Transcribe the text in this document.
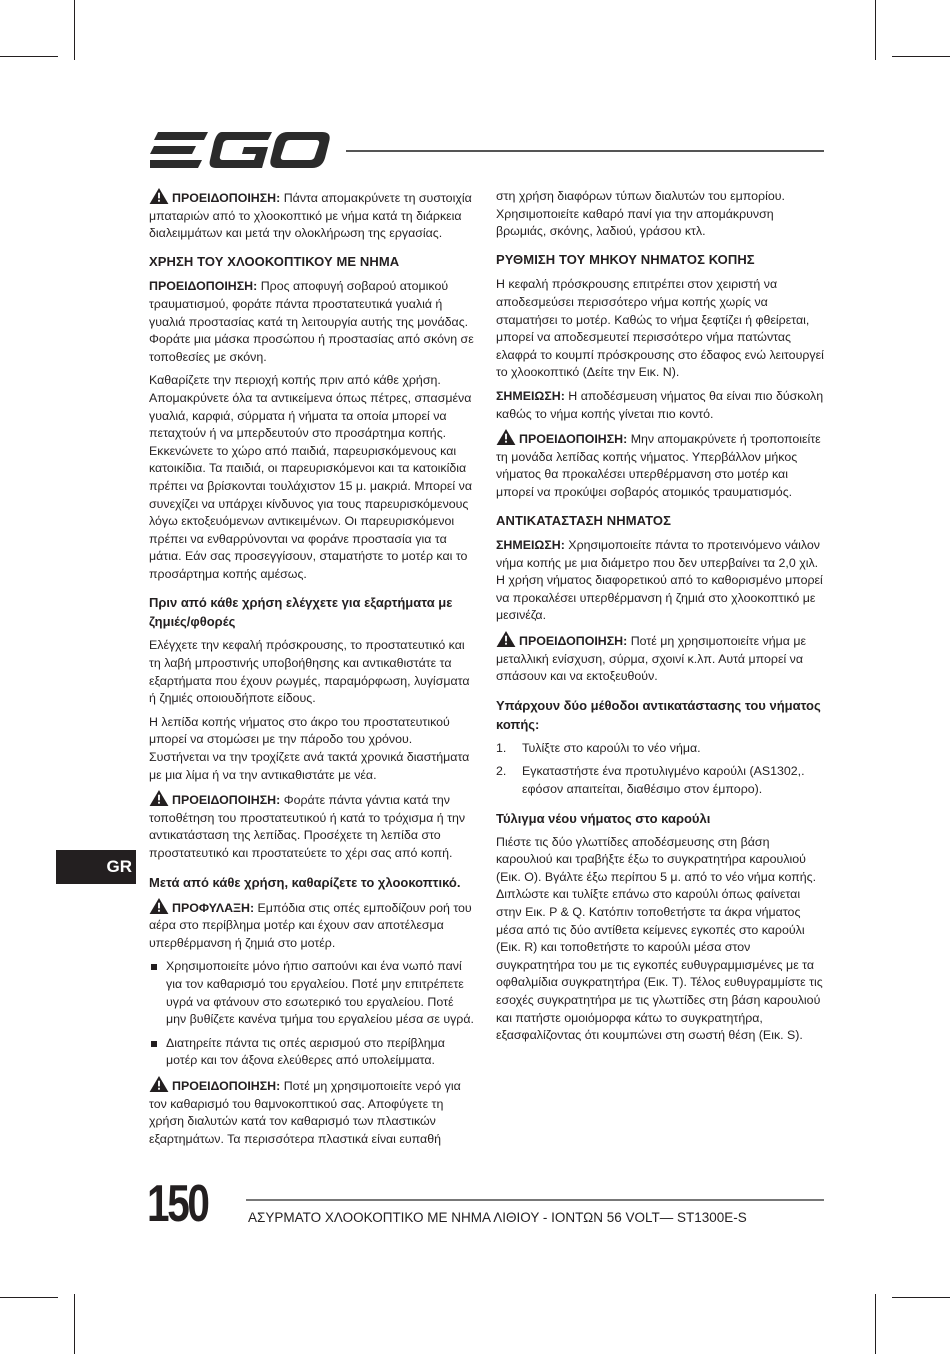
ΠΡΟΕΙΔΟΠΟΙΗΣΗ: Πάντα απομακρύνετε τη συστοιχία μπαταριών από το χλοοκοπτικό με νήμα κατά τη διάρκεια διαλειμμάτων και μετά την ολοκλήρωση της εργασίας.

ΧΡΗΣΗ ΤΟΥ ΧΛΟΟΚΟΠΤΙΚΟΥ ΜΕ ΝΗΜΑ

ΠΡΟΕΙΔΟΠΟΙΗΣΗ: Προς αποφυγή σοβαρού ατομικού τραυματισμού, φοράτε πάντα προστατευτικά γυαλιά ή γυαλιά προστασίας κατά τη λειτουργία αυτής της μονάδας. Φοράτε μια μάσκα προσώπου ή προστασίας από σκόνη σε τοποθεσίες με σκόνη.

Καθαρίζετε την περιοχή κοπής πριν από κάθε χρήση. Απομακρύνετε όλα τα αντικείμενα όπως πέτρες, σπασμένα γυαλιά, καρφιά, σύρματα ή νήματα τα οποία μπορεί να πεταχτούν ή να μπερδευτούν στο προσάρτημα κοπής. Εκκενώνετε το χώρο από παιδιά, παρευρισκόμενους και κατοικίδια. Τα παιδιά, οι παρευρισκόμενοι και τα κατοικίδια πρέπει να βρίσκονται τουλάχιστον 15 μ. μακριά. Μπορεί να συνεχίζει να υπάρχει κίνδυνος για τους παρευρισκόμενους λόγω εκτοξευόμενων αντικειμένων. Οι παρευρισκόμενοι πρέπει να ενθαρρύνονται να φοράνε προστασία για τα μάτια. Εάν σας προσεγγίσουν, σταματήστε το μοτέρ και το προσάρτημα κοπής αμέσως.

Πριν από κάθε χρήση ελέγχετε για εξαρτήματα με ζημιές/φθορές

Ελέγχετε την κεφαλή πρόσκρουσης, το προστατευτικό και τη λαβή μπροστινής υποβοήθησης και αντικαθιστάτε τα εξαρτήματα που έχουν ρωγμές, παραμόρφωση, λυγίσματα ή ζημιές οποιουδήποτε είδους.

Η λεπίδα κοπής νήματος στο άκρο του προστατευτικού μπορεί να στομώσει με την πάροδο του χρόνου. Συστήνεται να την τροχίζετε ανά τακτά χρονικά διαστήματα με μια λίμα ή να την αντικαθιστάτε με νέα.

ΠΡΟΕΙΔΟΠΟΙΗΣΗ: Φοράτε πάντα γάντια κατά την τοποθέτηση του προστατευτικού ή κατά το τρόχισμα ή την αντικατάσταση της λεπίδας. Προσέχετε τη λεπίδα στο προστατευτικό και προστατεύετε το χέρι σας από κοπή.

Μετά από κάθε χρήση, καθαρίζετε το χλοοκοπτικό.

ΠΡΟΦΥΛΑΞΗ: Εμπόδια στις οπές εμποδίζουν ροή του αέρα στο περίβλημα μοτέρ και έχουν σαν αποτέλεσμα υπερθέρμανση ή ζημιά στο μοτέρ.

Χρησιμοποιείτε μόνο ήπιο σαπούνι και ένα νωπό πανί για τον καθαρισμό του εργαλείου. Ποτέ μην επιτρέπετε υγρά να φτάνουν στο εσωτερικό του εργαλείου. Ποτέ μην βυθίζετε κανένα τμήμα του εργαλείου μέσα σε υγρά.
Διατηρείτε πάντα τις οπές αερισμού στο περίβλημα μοτέρ και τον άξονα ελεύθερες από υπολείμματα.

ΠΡΟΕΙΔΟΠΟΙΗΣΗ: Ποτέ μη χρησιμοποιείτε νερό για τον καθαρισμό του θαμνοκοπτικού σας. Αποφύγετε τη χρήση διαλυτών κατά τον καθαρισμό των πλαστικών εξαρτημάτων. Τα περισσότερα πλαστικά είναι ευπαθή

στη χρήση διαφόρων τύπων διαλυτών του εμπορίου. Χρησιμοποιείτε καθαρό πανί για την απομάκρυνση βρωμιάς, σκόνης, λαδιού, γράσου κτλ.

ΡΥΘΜΙΣΗ ΤΟΥ ΜΗΚΟΥ ΝΗΜΑΤΟΣ ΚΟΠΗΣ

Η κεφαλή πρόσκρουσης επιτρέπει στον χειριστή να αποδεσμεύσει περισσότερο νήμα κοπής χωρίς να σταματήσει το μοτέρ. Καθώς το νήμα ξεφτίζει ή φθείρεται, μπορεί να αποδεσμευτεί περισσότερο νήμα πατώντας ελαφρά το κουμπί πρόσκρουσης στο έδαφος ενώ λειτουργεί το χλοοκοπτικό (Δείτε την Εικ. N).

ΣΗΜΕΙΩΣΗ: Η αποδέσμευση νήματος θα είναι πιο δύσκολη καθώς το νήμα κοπής γίνεται πιο κοντό.

ΠΡΟΕΙΔΟΠΟΙΗΣΗ: Μην απομακρύνετε ή τροποποιείτε τη μονάδα λεπίδας κοπής νήματος. Υπερβάλλον μήκος νήματος θα προκαλέσει υπερθέρμανση στο μοτέρ και μπορεί να προκύψει σοβαρός ατομικός τραυματισμός.

ΑΝΤΙΚΑΤΑΣΤΑΣΗ ΝΗΜΑΤΟΣ

ΣΗΜΕΙΩΣΗ: Χρησιμοποιείτε πάντα το προτεινόμενο νάιλον νήμα κοπής με μια διάμετρο που δεν υπερβαίνει τα 2,0 χιλ. Η χρήση νήματος διαφορετικού από το καθορισμένο μπορεί να προκαλέσει υπερθέρμανση ή ζημιά στο χλοοκοπτικό με μεσινέζα.

ΠΡΟΕΙΔΟΠΟΙΗΣΗ: Ποτέ μη χρησιμοποιείτε νήμα με μεταλλική ενίσχυση, σύρμα, σχοινί κ.λπ. Αυτά μπορεί να σπάσουν και να εκτοξευθούν.

Υπάρχουν δύο μέθοδοι αντικατάστασης του νήματος κοπής:
1. Τυλίξτε στο καρούλι το νέο νήμα.
2. Εγκαταστήστε ένα προτυλιγμένο καρούλι (AS1302,. εφόσον απαιτείται, διαθέσιμο στον έμπορο).
Τύλιγμα νέου νήματος στο καρούλι

Πιέστε τις δύο γλωττίδες αποδέσμευσης στη βάση καρουλιού και τραβήξτε έξω το συγκρατητήρα καρουλιού (Εικ. O). Βγάλτε έξω περίπου 5 μ. από το νέο νήμα κοπής. Διπλώστε και τυλίξτε επάνω στο καρούλι όπως φαίνεται στην Εικ. P & Q. Κατόπιν τοποθετήστε τα άκρα νήματος μέσα από τις δύο αντίθετα κείμενες εγκοπές στο καρούλι (Εικ. R) και τοποθετήστε το καρούλι μέσα στον συγκρατητήρα του με τις εγκοπές ευθυγραμμισμένες με τα οφθαλμίδια συγκρατητήρα (Εικ. T). Τέλος ευθυγραμμίστε τις εσοχές συγκρατητήρα με τις γλωττίδες στη βάση καρουλιού και πατήστε ομοιόμορφα κάτω το συγκρατητήρα, εξασφαλίζοντας ότι κουμπώνει στη σωστή θέση (Εικ. S).

GR
150	ΑΣΥΡΜΑΤΟ ΧΛΟΟΚΟΠΤΙΚΟ ΜΕ ΝΗΜΑ ΛΙΘΙΟΥ - ΙΟΝΤΩΝ 56 VOLT— ST1300E-S
